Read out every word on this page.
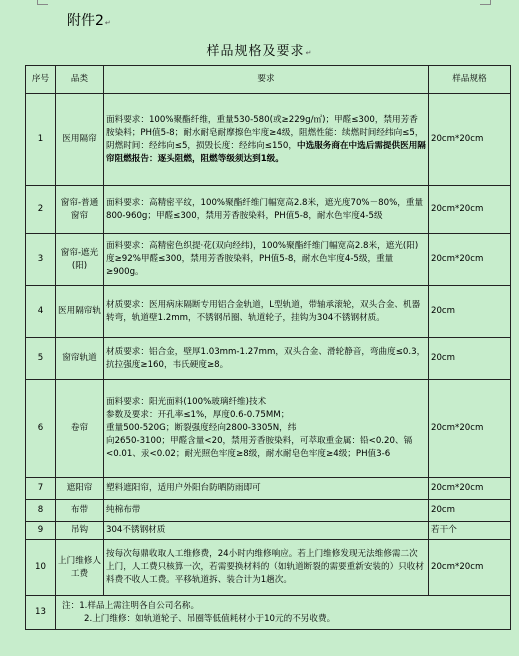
附件2↵
样品规格及要求↵
序号	品类	要求	样品规格
1	医用隔帘	面料要求：100%聚酯纤维，重量530-580(或≥229g/㎡)；甲醛≤300，禁用芳香胺染料；PH值5-8；耐水耐皂耐摩擦色牢度≥4级，阻燃性能：续燃时间经纬向≤5，阴燃时间：经纬向≤5，损毁长度：经纬向≤150，中选服务商在中选后需提供医用隔帘阻燃报告：逐头阻燃，阻燃等级须达到1级。	20cm*20cm
2	窗帘-普通窗帘	面料要求：高精密平纹，100%聚酯纤维门幅宽高2.8米，遮光度70%－80%，重量800-960g；甲醛≤300，禁用芳香胺染料，PH值5-8，耐水色牢度4-5级	20cm*20cm
3	窗帘-遮光(阳)	面料要求：高精密色织提·花(双向经纬)，100%聚酯纤维门幅宽高2.8米，遮光(阳)度≥92%甲醛≤300，禁用芳香胺染料，PH值5-8，耐水色牢度4-5级，重量≥900g。	20cm*20cm
4	医用隔帘轨	材质要求：医用病床隔断专用铝合金轨道，L型轨道，带轴承滚轮，双头合金、机器转弯，轨道壁1.2mm，不锈钢吊圈、轨道轮子，挂钩为304不锈钢材质。	20cm
5	窗帘轨道	材质要求：铝合金，壁厚1.03mm-1.27mm，双头合金、滑轮静音，弯曲度≤0.3，抗拉强度≥160，韦氏硬度≥8。	20cm
6	卷帘	面料要求：阳光面料(100%玻璃纤维)技术
参数及要求：开孔率≤1%，厚度0.6-0.75MM；
重量500-520G；断裂强度经向2800-3305N，纬
向2650-3100；甲醛含量<20，禁用芳香胺染料，可萃取重金属：铅<0.20、镉<0.01、汞<0.02；耐光照色牢度≥8级，耐水耐皂色牢度≥4级；PH值3-6	20cm*20cm
7	遮阳帘	塑料遮阳帘，适用户外阳台防晒防雨即可	20cm*20cm
8	布带	纯棉布带	20cm
9	吊钩	304不锈钢材质	若干个
10	上门维修人工费	按每次每鼎收取人工维修费，24小时内维修响应。若上门维修发现无法维修需二次上门，人工费只核算一次，若需要换材料的（如轨道断裂的需要重新安装的）只收材料费不收人工费。平移轨道拆、装合计为1趟次。	20cm*20cm
13	注：1.样品上需注明各自公司名称。
2.上门维修：如轨道轮子、吊圈等低值耗材小于10元的不另收费。		
